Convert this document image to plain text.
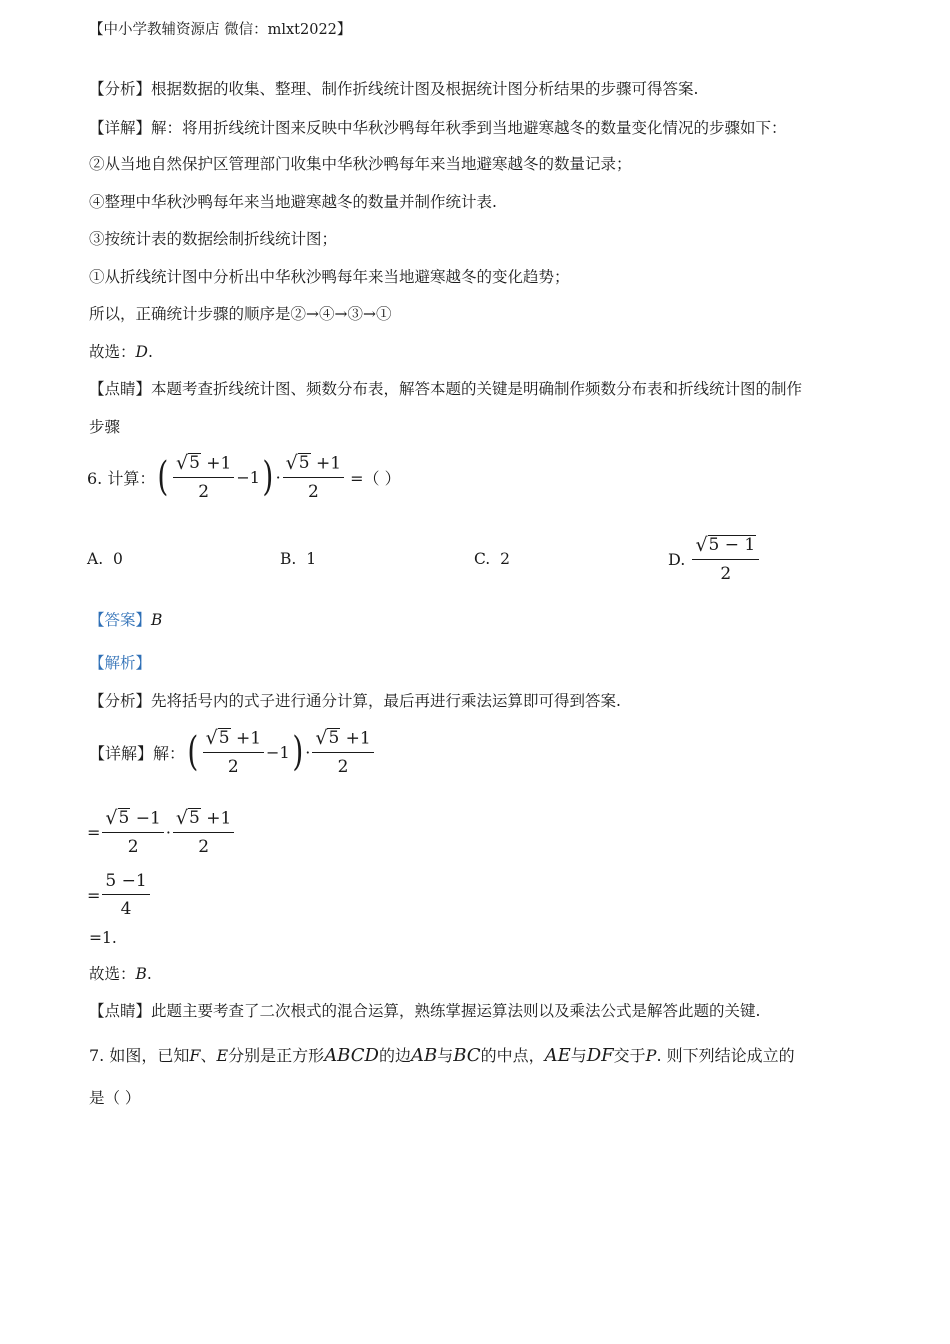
【中小学教辅资源店 微信：mlxt2022】
【分析】根据数据的收集、整理、制作折线统计图及根据统计图分析结果的步骤可得答案.
【详解】解：将用折线统计图来反映中华秋沙鸭每年秋季到当地避寒越冬的数量变化情况的步骤如下：
②从当地自然保护区管理部门收集中华秋沙鸭每年来当地避寒越冬的数量记录；
④整理中华秋沙鸭每年来当地避寒越冬的数量并制作统计表.
③按统计表的数据绘制折线统计图；
①从折线统计图中分析出中华秋沙鸭每年来当地避寒越冬的变化趋势；
所以，正确统计步骤的顺序是②→④→③→①
故选：D.
【点睛】本题考查折线统计图、频数分布表，解答本题的关键是明确制作频数分布表和折线统计图的制作
步骤
6. 计算： ( $\frac{√ 5 +1}{2} -1$ ) · $\frac{√ 5 +1}{2}$ =（ ）
A. 0	B. 1	C. 2	D.
$\frac{√ 5 - 1}{2}$
【答案】B
【解析】
【分析】先将括号内的式子进行通分计算，最后再进行乘法运算即可得到答案.
【详解】解： ( $\frac{√ 5 +1}{2} -1$ ) · $\frac{√ 5 +1}{2}$
= $\frac{√ 5 -1}{2} \cdot \frac{√ 5 +1}{2}$
= $\frac{5 -1}{4}$
=1.
故选：B.
【点睛】此题主要考查了二次根式的混合运算，熟练掌握运算法则以及乘法公式是解答此题的关键.
7. 如图，已知F、E分别是正方形ABCD的边AB与BC的中点，AE与DF交于P. 则下列结论成立的
是（ ）
